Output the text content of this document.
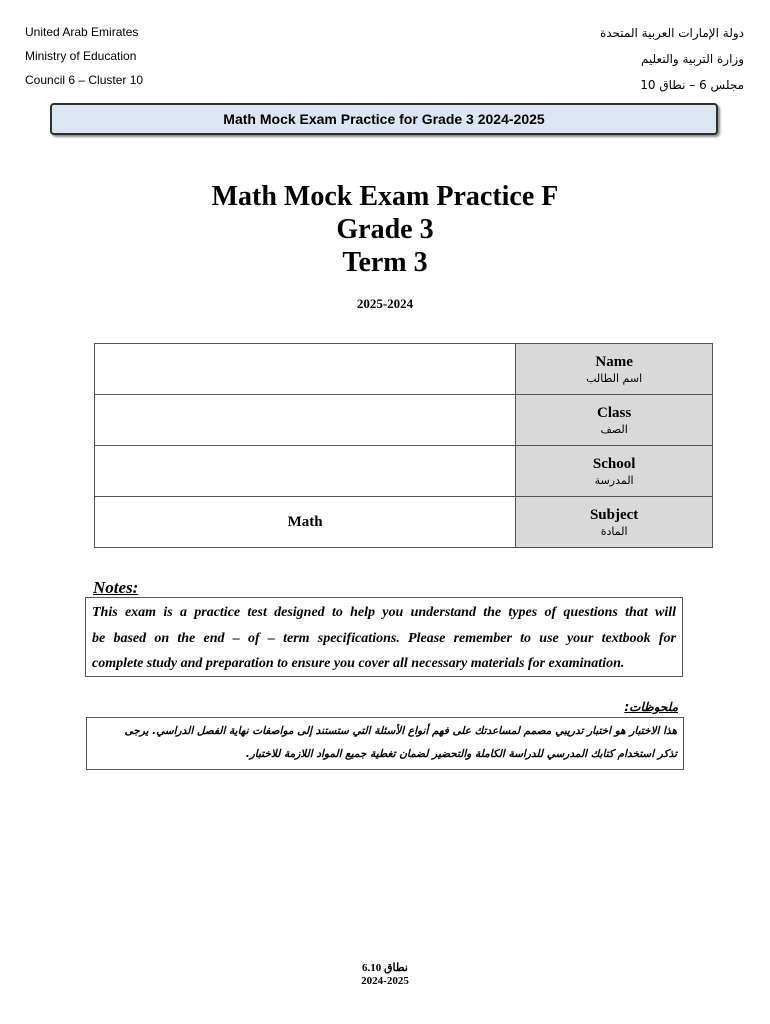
United Arab Emirates
Ministry of Education
Council 6 – Cluster 10
دولة الإمارات العربية المتحدة
وزارة التربية والتعليم
مجلس 6 – نطاق 10
Math Mock Exam Practice for Grade 3 2024-2025
Math Mock Exam Practice F
Grade 3
Term 3
2025-2024

	Name
اسم الطالب

	Class
الصف

	School
المدرسة

Math	Subject
المادة
Notes:
This exam is a practice test designed to help you understand the types of questions that will
be based on the end – of – term specifications. Please remember to use your textbook for
complete study and preparation to ensure you cover all necessary materials for examination.
ملحوظات:
هذا الاختبار هو اختبار تدريبي مصمم لمساعدتك على فهم أنواع الأسئلة التي ستستند إلى مواصفات نهاية الفصل الدراسي. يرجى
تذكر استخدام كتابك المدرسي للدراسة الكاملة والتحضير لضمان تغطية جميع المواد اللازمة للاختبار.
نطاق 6.10
2024-2025
